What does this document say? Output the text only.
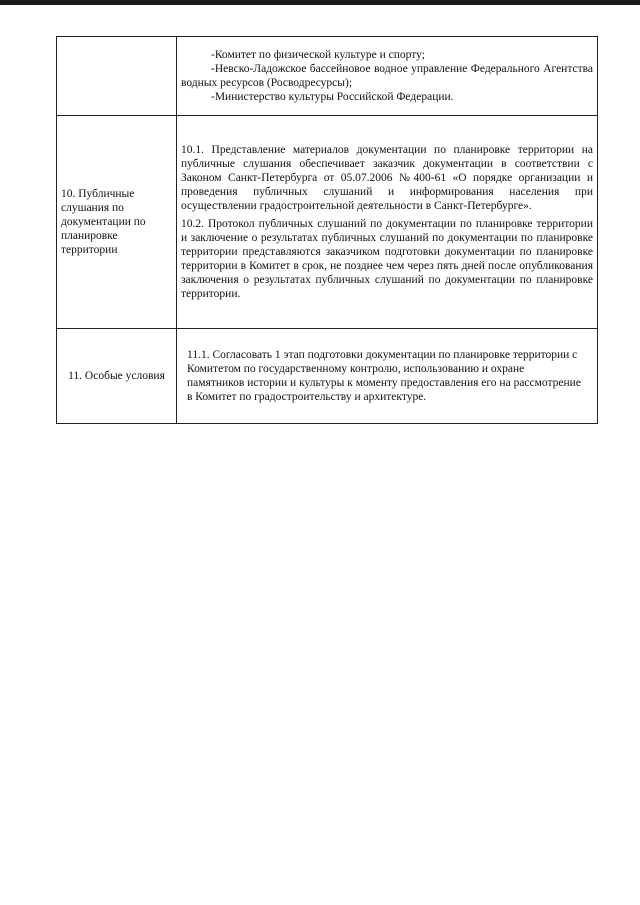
	-Комитет по физической культуре и спорту;

-Невско-Ладожское бассейновое водное управление Федерального Агентства водных ресурсов (Росводресурсы);

-Министерство культуры Российской Федерации.

10. Публичные слушания по документации по планировке территории	10.1. Представление материалов документации по планировке территории на публичные слушания обеспечивает заказчик документации в соответствии с Законом Санкт-Петербурга от 05.07.2006 №400-61 «О порядке организации и проведения публичных слушаний и информирования населения при осуществлении градостроительной деятельности в Санкт-Петербурге».

10.2. Протокол публичных слушаний по документации по планировке территории и заключение о результатах публичных слушаний по документации по планировке территории представляются заказчиком подготовки документации по планировке территории в Комитет в срок, не позднее чем через пять дней после опубликования заключения о результатах публичных слушаний по документации по планировке территории.

11. Особые условия	11.1. Согласовать 1 этап подготовки документации по планировке территории с Комитетом по государственному контролю, использованию и охране памятников истории и культуры к моменту предоставления его на рассмотрение в Комитет по градостроительству и архитектуре.
